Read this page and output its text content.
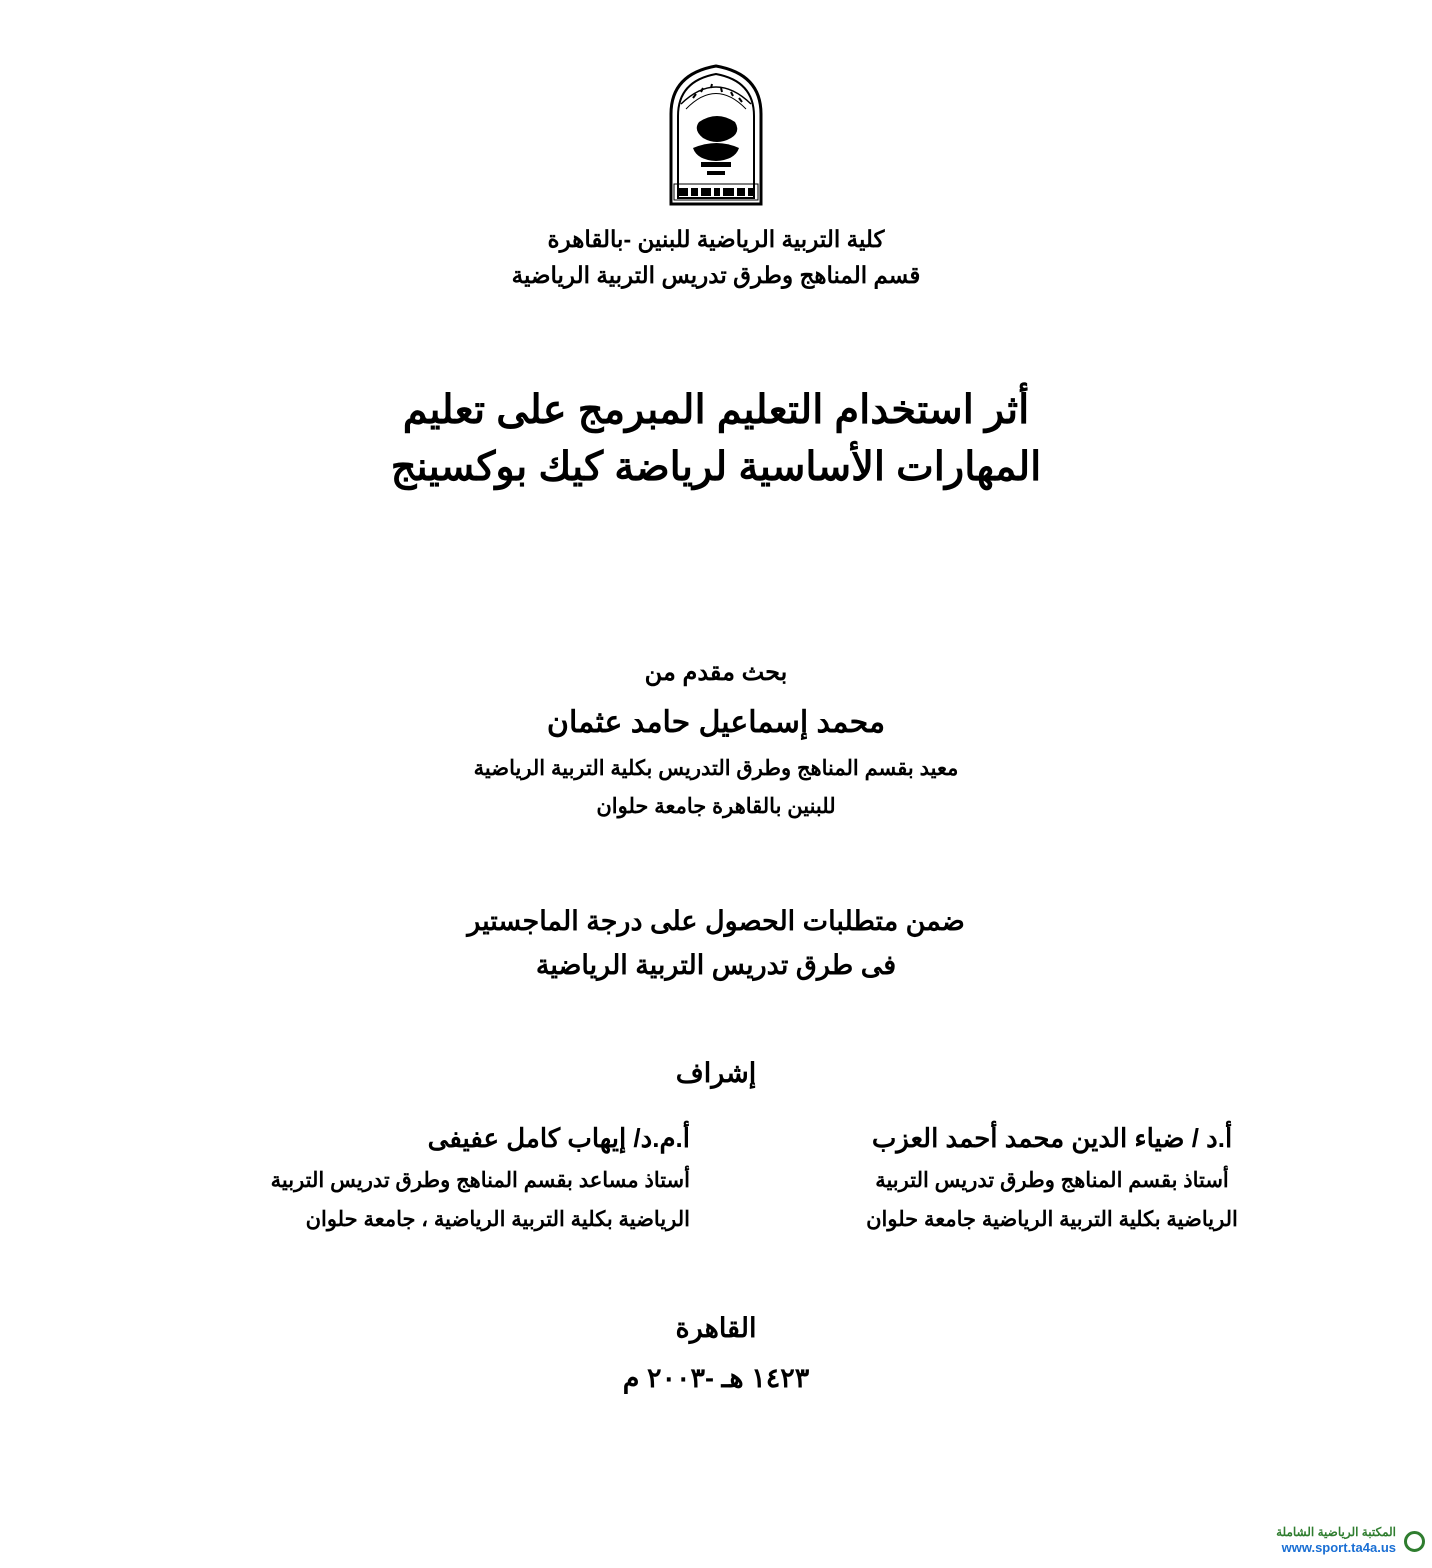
كلية التربية الرياضية للبنين -بالقاهرة
قسم المناهج وطرق تدريس التربية الرياضية
أثر استخدام التعليم المبرمج على تعليم
المهارات الأساسية لرياضة كيك بوكسينج
بحث مقدم من
محمد إسماعيل حامد عثمان
معيد بقسم المناهج وطرق التدريس بكلية التربية الرياضية
للبنين بالقاهرة جامعة حلوان
ضمن متطلبات الحصول على درجة الماجستير
فى طرق تدريس التربية الرياضية
إشراف
أ.د / ضياء الدين محمد أحمد العزب
أستاذ بقسم المناهج وطرق تدريس التربية
الرياضية بكلية التربية الرياضية جامعة حلوان
أ.م.د/ إيهاب كامل عفيفى
أستاذ مساعد بقسم المناهج وطرق تدريس التربية
الرياضية بكلية التربية الرياضية ، جامعة حلوان
القاهرة
١٤٢٣ هـ -٢٠٠٣ م
المكتبة الرياضية الشاملة
www.sport.ta4a.us
